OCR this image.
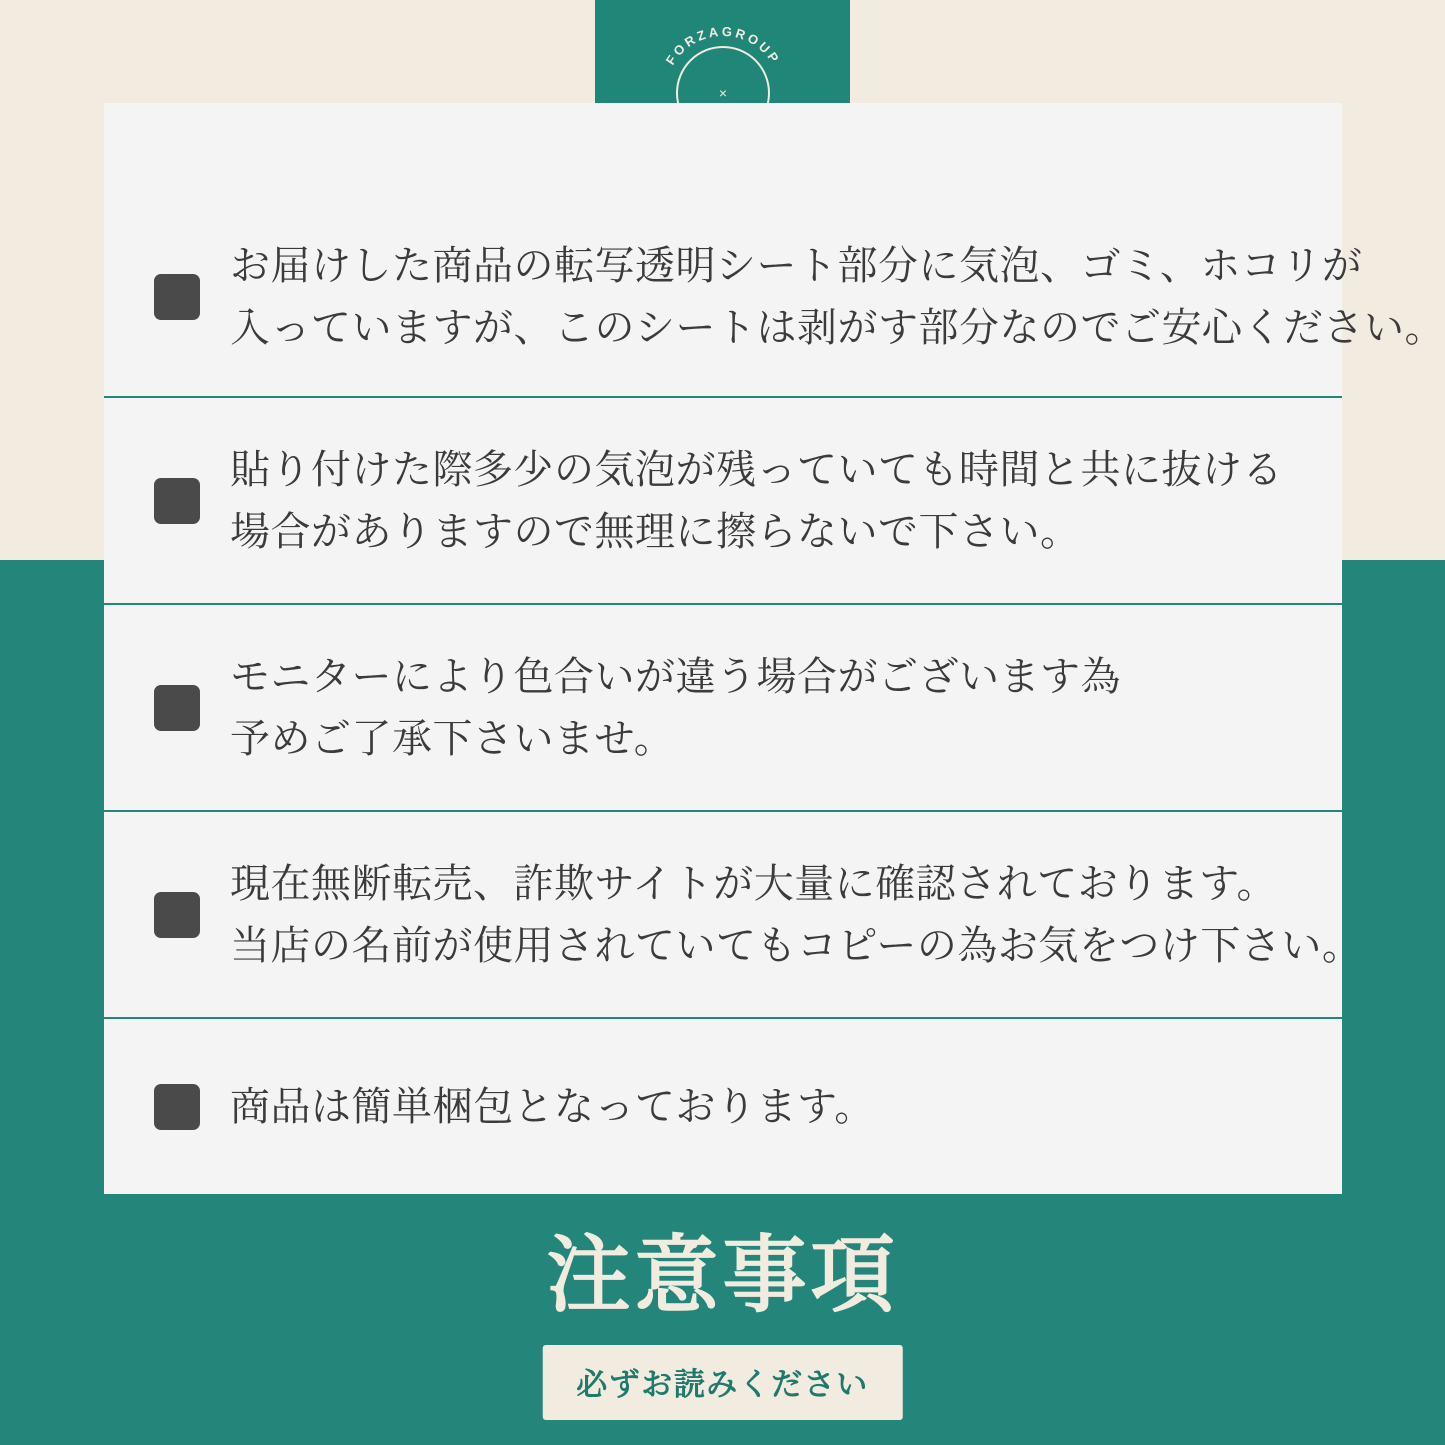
FORZAGROUP
×
お届けした商品の転写透明シート部分に気泡、ゴミ、ホコリが
入っていますが、このシートは剥がす部分なのでご安心ください。
貼り付けた際多少の気泡が残っていても時間と共に抜ける
場合がありますので無理に擦らないで下さい。
モニターにより色合いが違う場合がございます為
予めご了承下さいませ。
現在無断転売、詐欺サイトが大量に確認されております。
当店の名前が使用されていてもコピーの為お気をつけ下さい。
商品は簡単梱包となっております。
注意事項
必ずお読みください
